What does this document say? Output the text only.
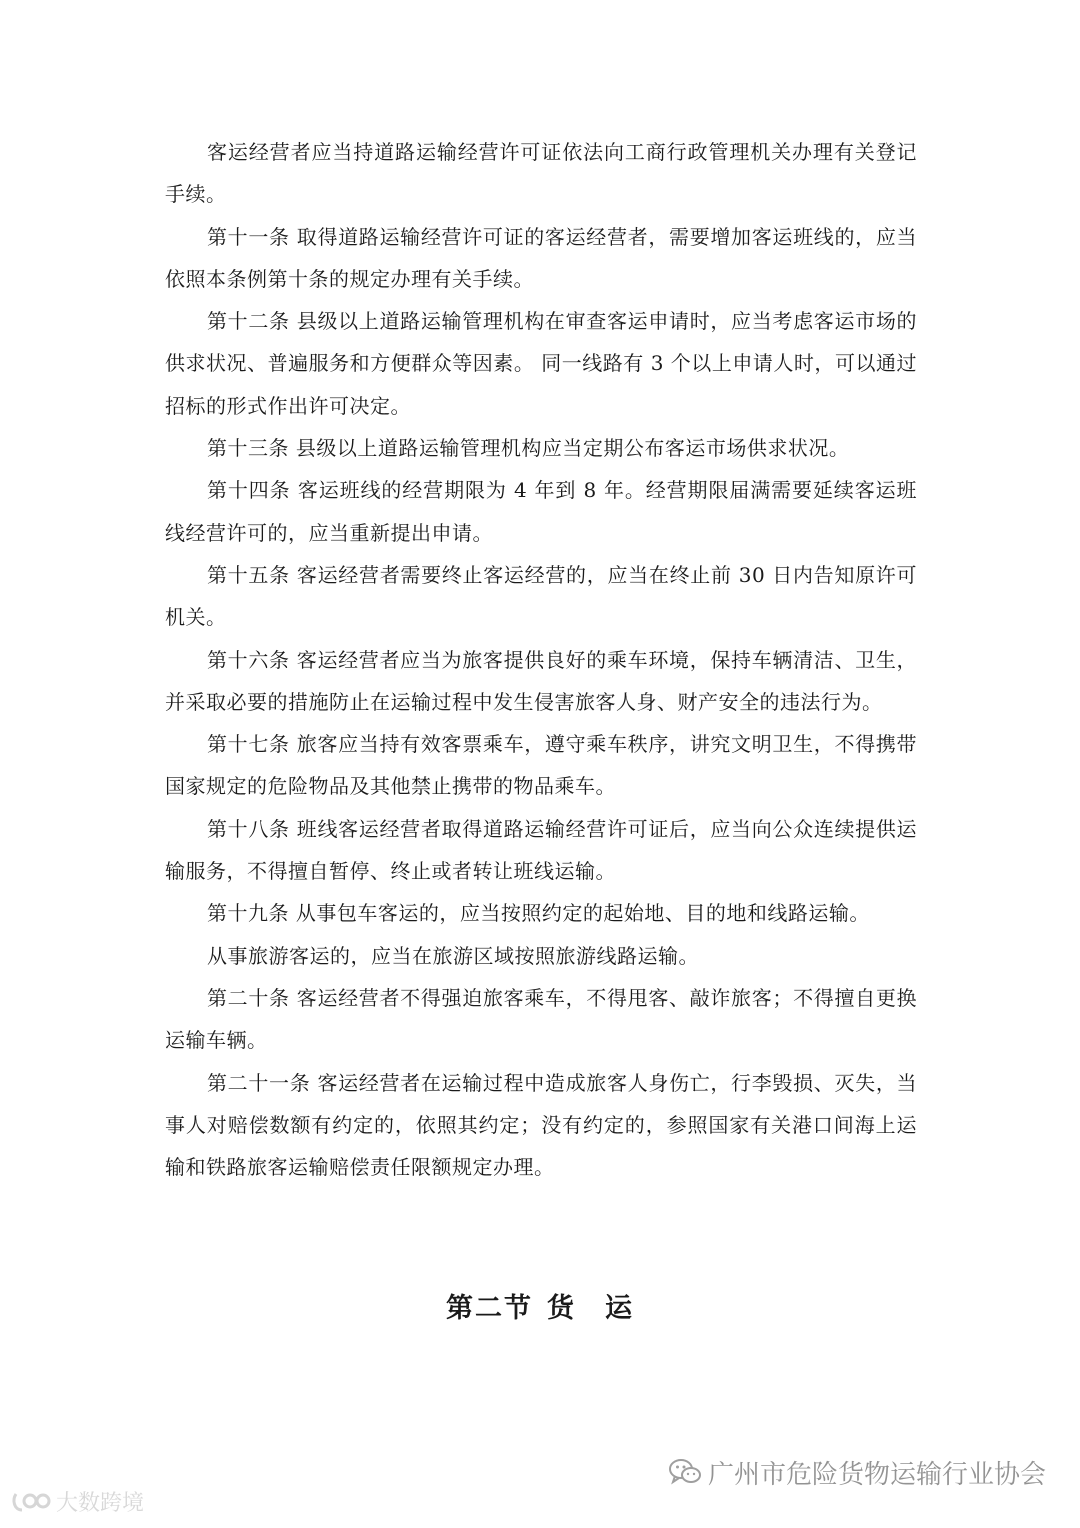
客运经营者应当持道路运输经营许可证依法向工商行政管理机关办理有关登记手续。

第十一条 取得道路运输经营许可证的客运经营者，需要增加客运班线的，应当依照本条例第十条的规定办理有关手续。

第十二条 县级以上道路运输管理机构在审查客运申请时，应当考虑客运市场的供求状况、普遍服务和方便群众等因素。 同一线路有 3 个以上申请人时，可以通过招标的形式作出许可决定。

第十三条 县级以上道路运输管理机构应当定期公布客运市场供求状况。

第十四条 客运班线的经营期限为 4 年到 8 年。经营期限届满需要延续客运班线经营许可的，应当重新提出申请。

第十五条 客运经营者需要终止客运经营的，应当在终止前 30 日内告知原许可机关。

第十六条 客运经营者应当为旅客提供良好的乘车环境，保持车辆清洁、卫生，并采取必要的措施防止在运输过程中发生侵害旅客人身、财产安全的违法行为。

第十七条 旅客应当持有效客票乘车，遵守乘车秩序，讲究文明卫生，不得携带国家规定的危险物品及其他禁止携带的物品乘车。

第十八条 班线客运经营者取得道路运输经营许可证后，应当向公众连续提供运输服务，不得擅自暂停、终止或者转让班线运输。

第十九条 从事包车客运的，应当按照约定的起始地、目的地和线路运输。

从事旅游客运的，应当在旅游区域按照旅游线路运输。

第二十条 客运经营者不得强迫旅客乘车，不得甩客、敲诈旅客；不得擅自更换运输车辆。

第二十一条 客运经营者在运输过程中造成旅客人身伤亡，行李毁损、灭失，当事人对赔偿数额有约定的，依照其约定；没有约定的，参照国家有关港口间海上运输和铁路旅客运输赔偿责任限额规定办理。

第二节 货　运
广州市危险货物运输行业协会
大数跨境
